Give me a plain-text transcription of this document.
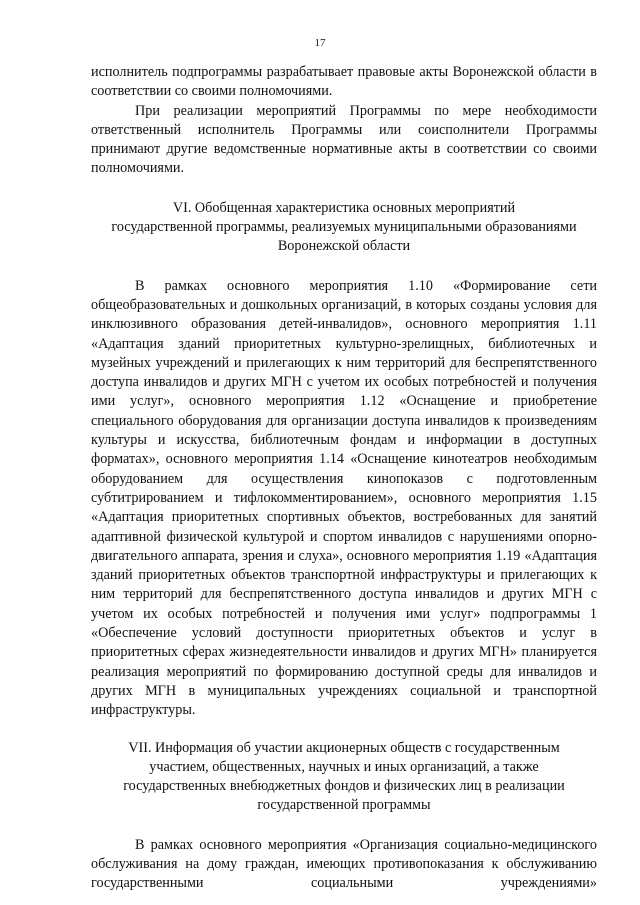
17

исполнитель подпрограммы разрабатывает правовые акты Воронежской области в соответствии со своими полномочиями.

При реализации мероприятий Программы по мере необходимости ответственный исполнитель Программы или соисполнители Программы принимают другие ведомственные нормативные акты в соответствии со своими полномочиями.

VI. Обобщенная характеристика основных мероприятий
государственной программы, реализуемых муниципальными образованиями
Воронежской области

В рамках основного мероприятия 1.10 «Формирование сети общеобразовательных и дошкольных организаций, в которых созданы условия для инклюзивного образования детей-инвалидов», основного мероприятия 1.11 «Адаптация зданий приоритетных культурно-зрелищных, библиотечных и музейных учреждений и прилегающих к ним территорий для беспрепятственного доступа инвалидов и других МГН с учетом их особых потребностей и получения ими услуг», основного мероприятия 1.12 «Оснащение и приобретение специального оборудования для организации доступа инвалидов к произведениям культуры и искусства, библиотечным фондам и информации в доступных форматах», основного мероприятия 1.14 «Оснащение кинотеатров необходимым оборудованием для осуществления кинопоказов с подготовленным субтитрированием и тифлокомментированием», основного мероприятия 1.15 «Адаптация приоритетных спортивных объектов, востребованных для занятий адаптивной физической культурой и спортом инвалидов с нарушениями опорно-двигательного аппарата, зрения и слуха», основного мероприятия 1.19 «Адаптация зданий приоритетных объектов транспортной инфраструктуры и прилегающих к ним территорий для беспрепятственного доступа инвалидов и других МГН с учетом их особых потребностей и получения ими услуг» подпрограммы 1 «Обеспечение условий доступности приоритетных объектов и услуг в приоритетных сферах жизнедеятельности инвалидов и других МГН» планируется реализация мероприятий по формированию доступной среды для инвалидов и других МГН в муниципальных учреждениях социальной и транспортной инфраструктуры.

VII. Информация об участии акционерных обществ с государственным
участием, общественных, научных и иных организаций, а также
государственных внебюджетных фондов и физических лиц в реализации
государственной программы

В рамках основного мероприятия «Организация социально-медицинского обслуживания на дому граждан, имеющих противопоказания к обслуживанию государственными социальными учреждениями»
